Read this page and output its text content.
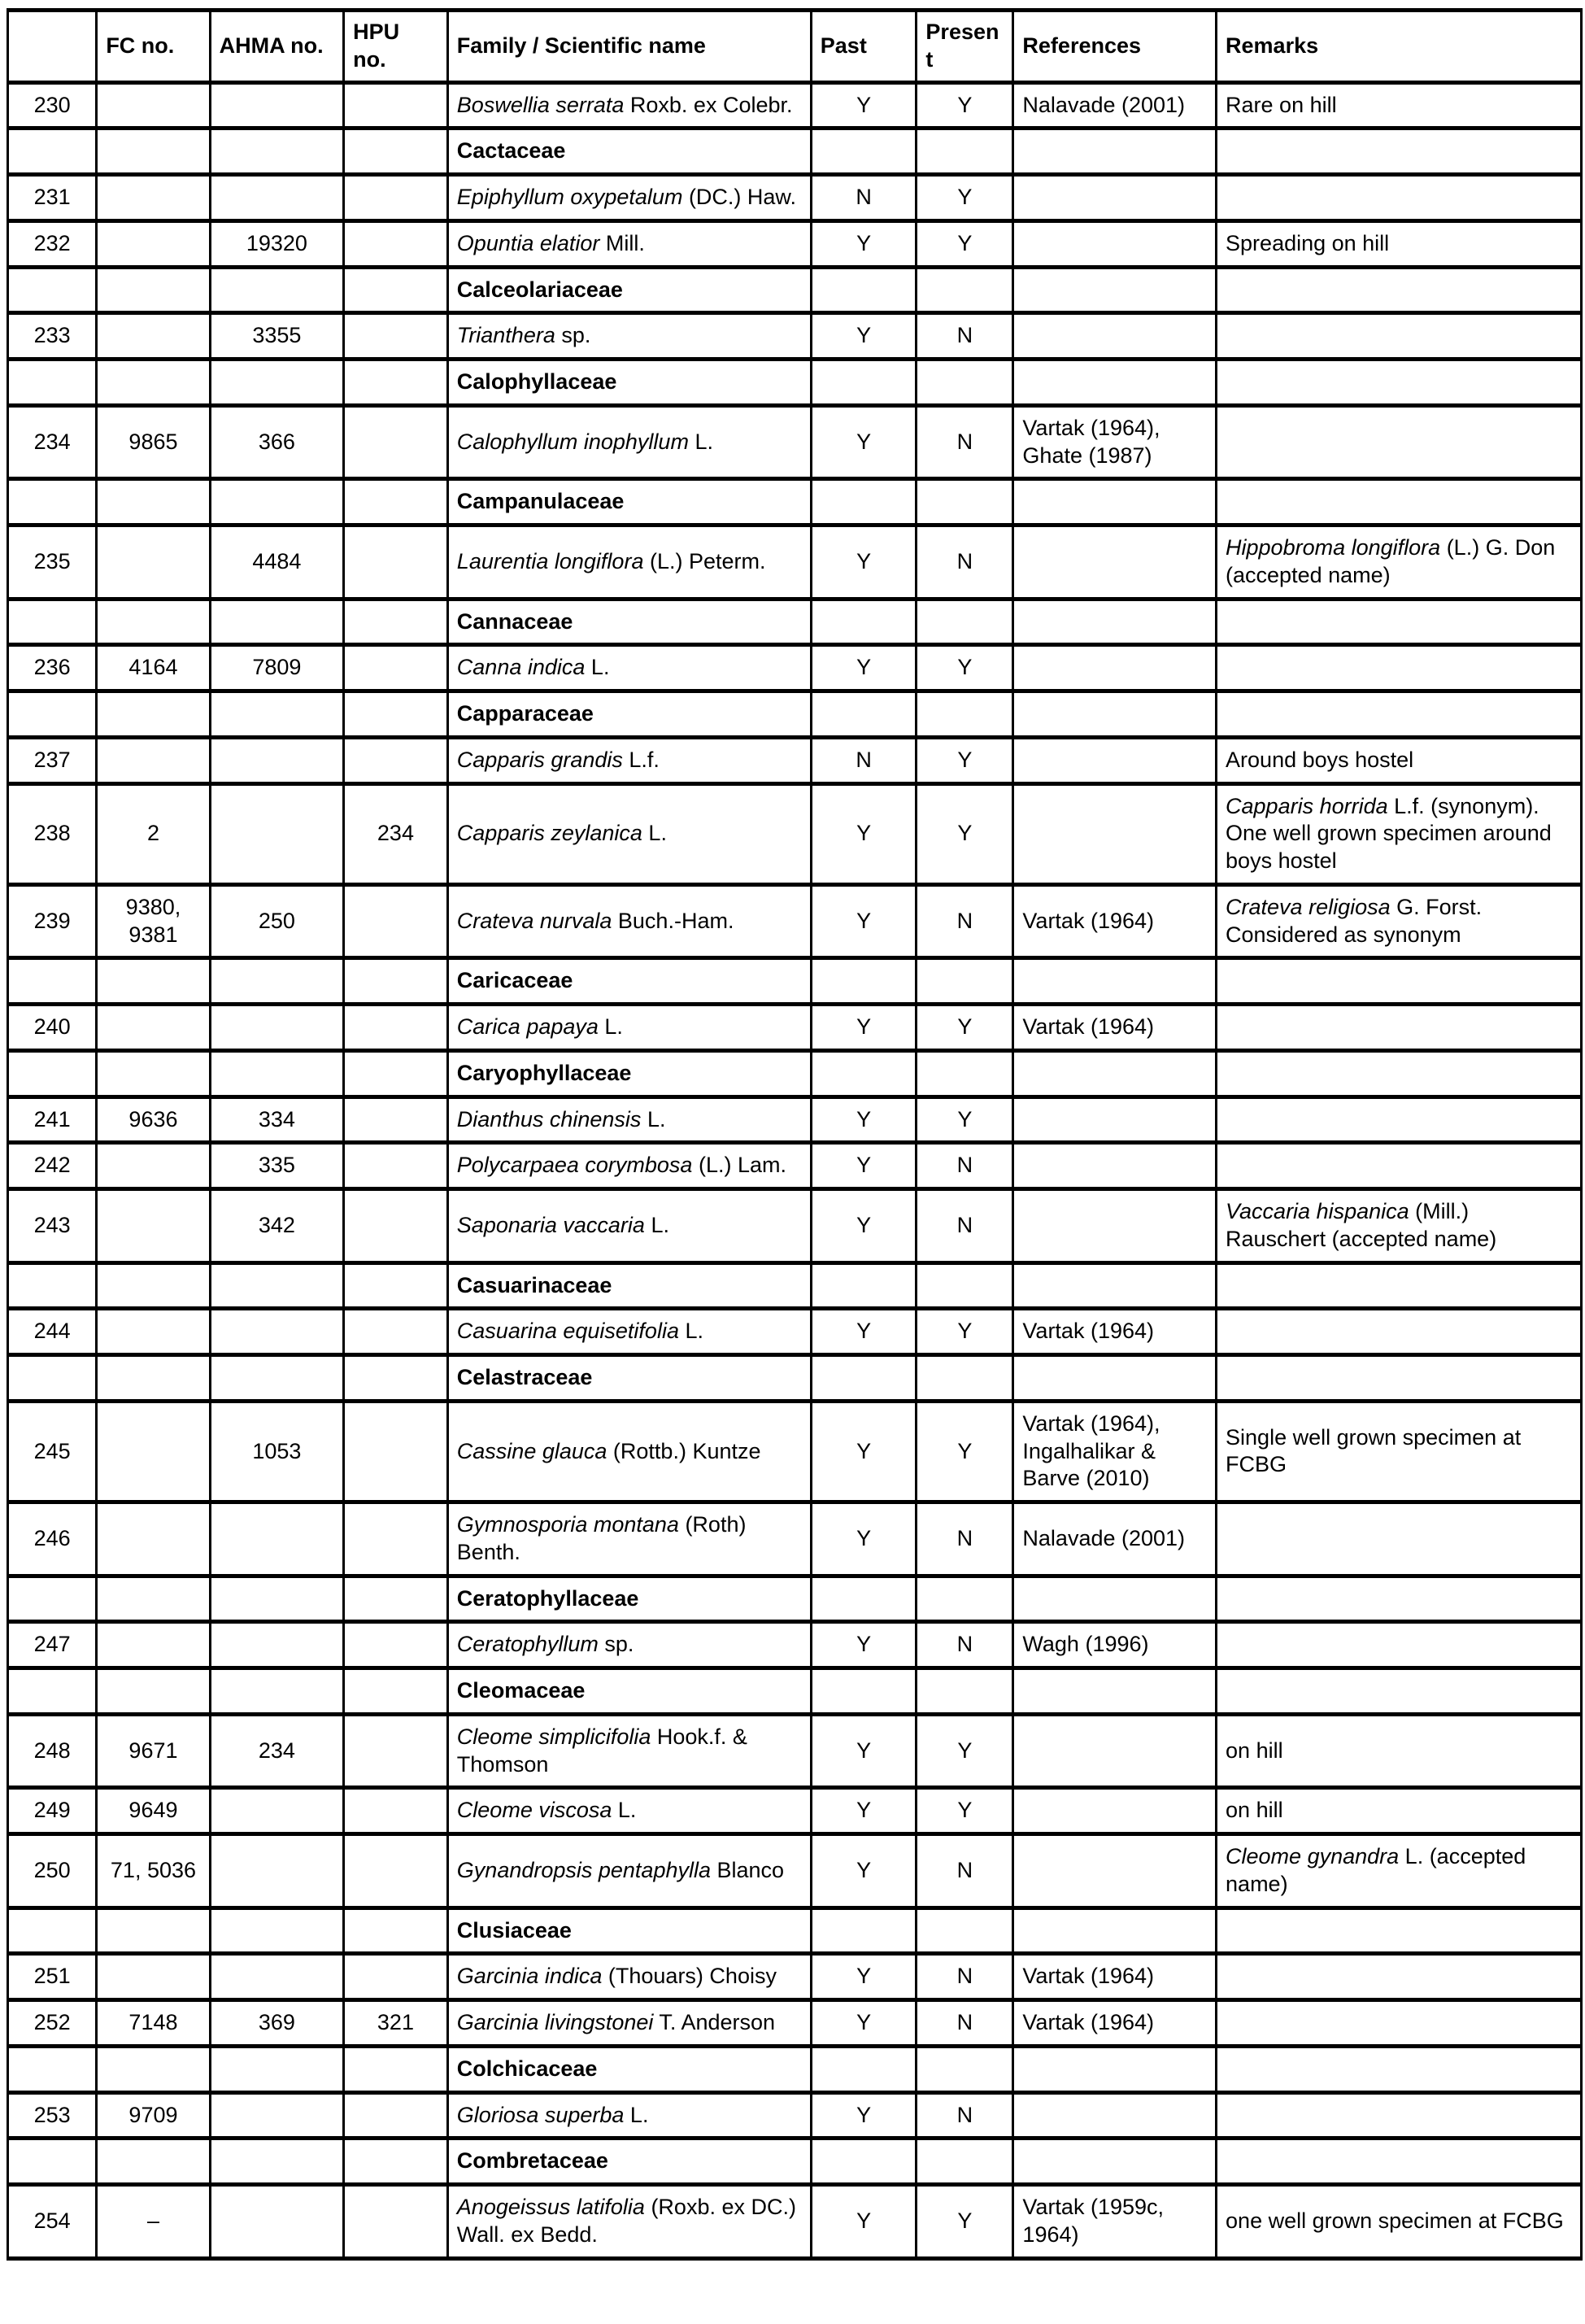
	FC no.	AHMA no.	HPU no.	Family / Scientific name	Past	Present	References	Remarks
230				Boswellia serrata Roxb. ex Colebr.	Y	Y	Nalavade (2001)	Rare on hill
				Cactaceae				
231				Epiphyllum oxypetalum (DC.) Haw.	N	Y		
232		19320		Opuntia elatior Mill.	Y	Y		Spreading on hill
				Calceolariaceae				
233		3355		Trianthera sp.	Y	N		
				Calophyllaceae				
234	9865	366		Calophyllum inophyllum L.	Y	N	Vartak (1964), Ghate (1987)	
				Campanulaceae				
235		4484		Laurentia longiflora (L.) Peterm.	Y	N		Hippobroma longiflora (L.) G. Don (accepted name)
				Cannaceae				
236	4164	7809		Canna indica L.	Y	Y		
				Capparaceae				
237				Capparis grandis L.f.	N	Y		Around boys hostel
238	2		234	Capparis zeylanica L.	Y	Y		Capparis horrida L.f. (synonym). One well grown specimen around boys hostel
239	9380, 9381	250		Crateva nurvala Buch.-Ham.	Y	N	Vartak (1964)	Crateva religiosa G. Forst. Considered as synonym
				Caricaceae				
240				Carica papaya L.	Y	Y	Vartak (1964)	
				Caryophyllaceae				
241	9636	334		Dianthus chinensis L.	Y	Y		
242		335		Polycarpaea corymbosa (L.) Lam.	Y	N		
243		342		Saponaria vaccaria L.	Y	N		Vaccaria hispanica (Mill.) Rauschert (accepted name)
				Casuarinaceae				
244				Casuarina equisetifolia L.	Y	Y	Vartak (1964)	
				Celastraceae				
245		1053		Cassine glauca (Rottb.) Kuntze	Y	Y	Vartak (1964), Ingalhalikar & Barve (2010)	Single well grown specimen at FCBG
246				Gymnosporia montana (Roth) Benth.	Y	N	Nalavade (2001)	
				Ceratophyllaceae				
247				Ceratophyllum sp.	Y	N	Wagh (1996)	
				Cleomaceae				
248	9671	234		Cleome simplicifolia Hook.f. & Thomson	Y	Y		on hill
249	9649			Cleome viscosa L.	Y	Y		on hill
250	71, 5036			Gynandropsis pentaphylla Blanco	Y	N		Cleome gynandra L. (accepted name)
				Clusiaceae				
251				Garcinia indica (Thouars) Choisy	Y	N	Vartak (1964)	
252	7148	369	321	Garcinia livingstonei T. Anderson	Y	N	Vartak (1964)	
				Colchicaceae				
253	9709			Gloriosa superba L.	Y	N		
				Combretaceae				
254	–			Anogeissus latifolia (Roxb. ex DC.) Wall. ex Bedd.	Y	Y	Vartak (1959c, 1964)	one well grown specimen at FCBG
